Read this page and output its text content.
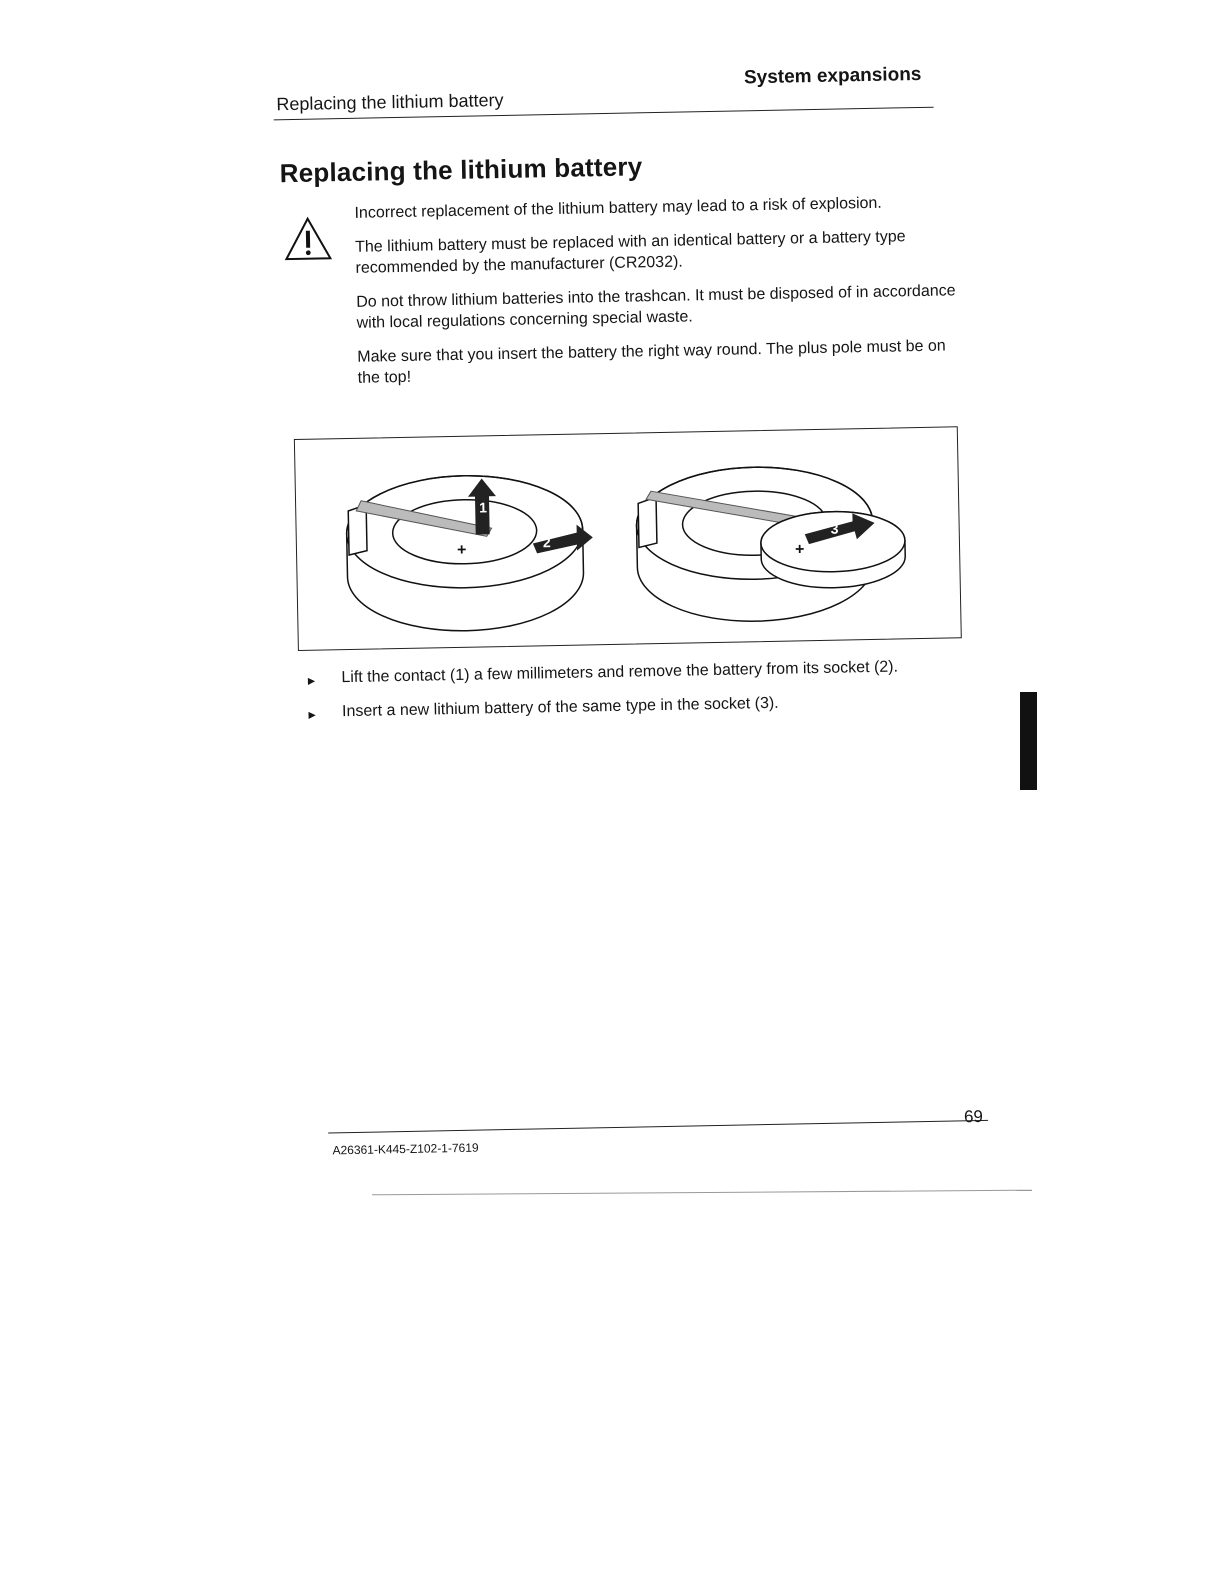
Replacing the lithium battery
System expansions
Replacing the lithium battery

Incorrect replacement of the lithium battery may lead to a risk of explosion.

The lithium battery must be replaced with an identical battery or a battery type recommended by the manufacturer (CR2032).

Do not throw lithium batteries into the trashcan. It must be disposed of in accordance with local regulations concerning special waste.

Make sure that you insert the battery the right way round. The plus pole must be on the top!

+
1
2	+
3
► Lift the contact (1) a few millimeters and remove the battery from its socket (2).
► Insert a new lithium battery of the same type in the socket (3).
A26361-K445-Z102-1-7619
69
